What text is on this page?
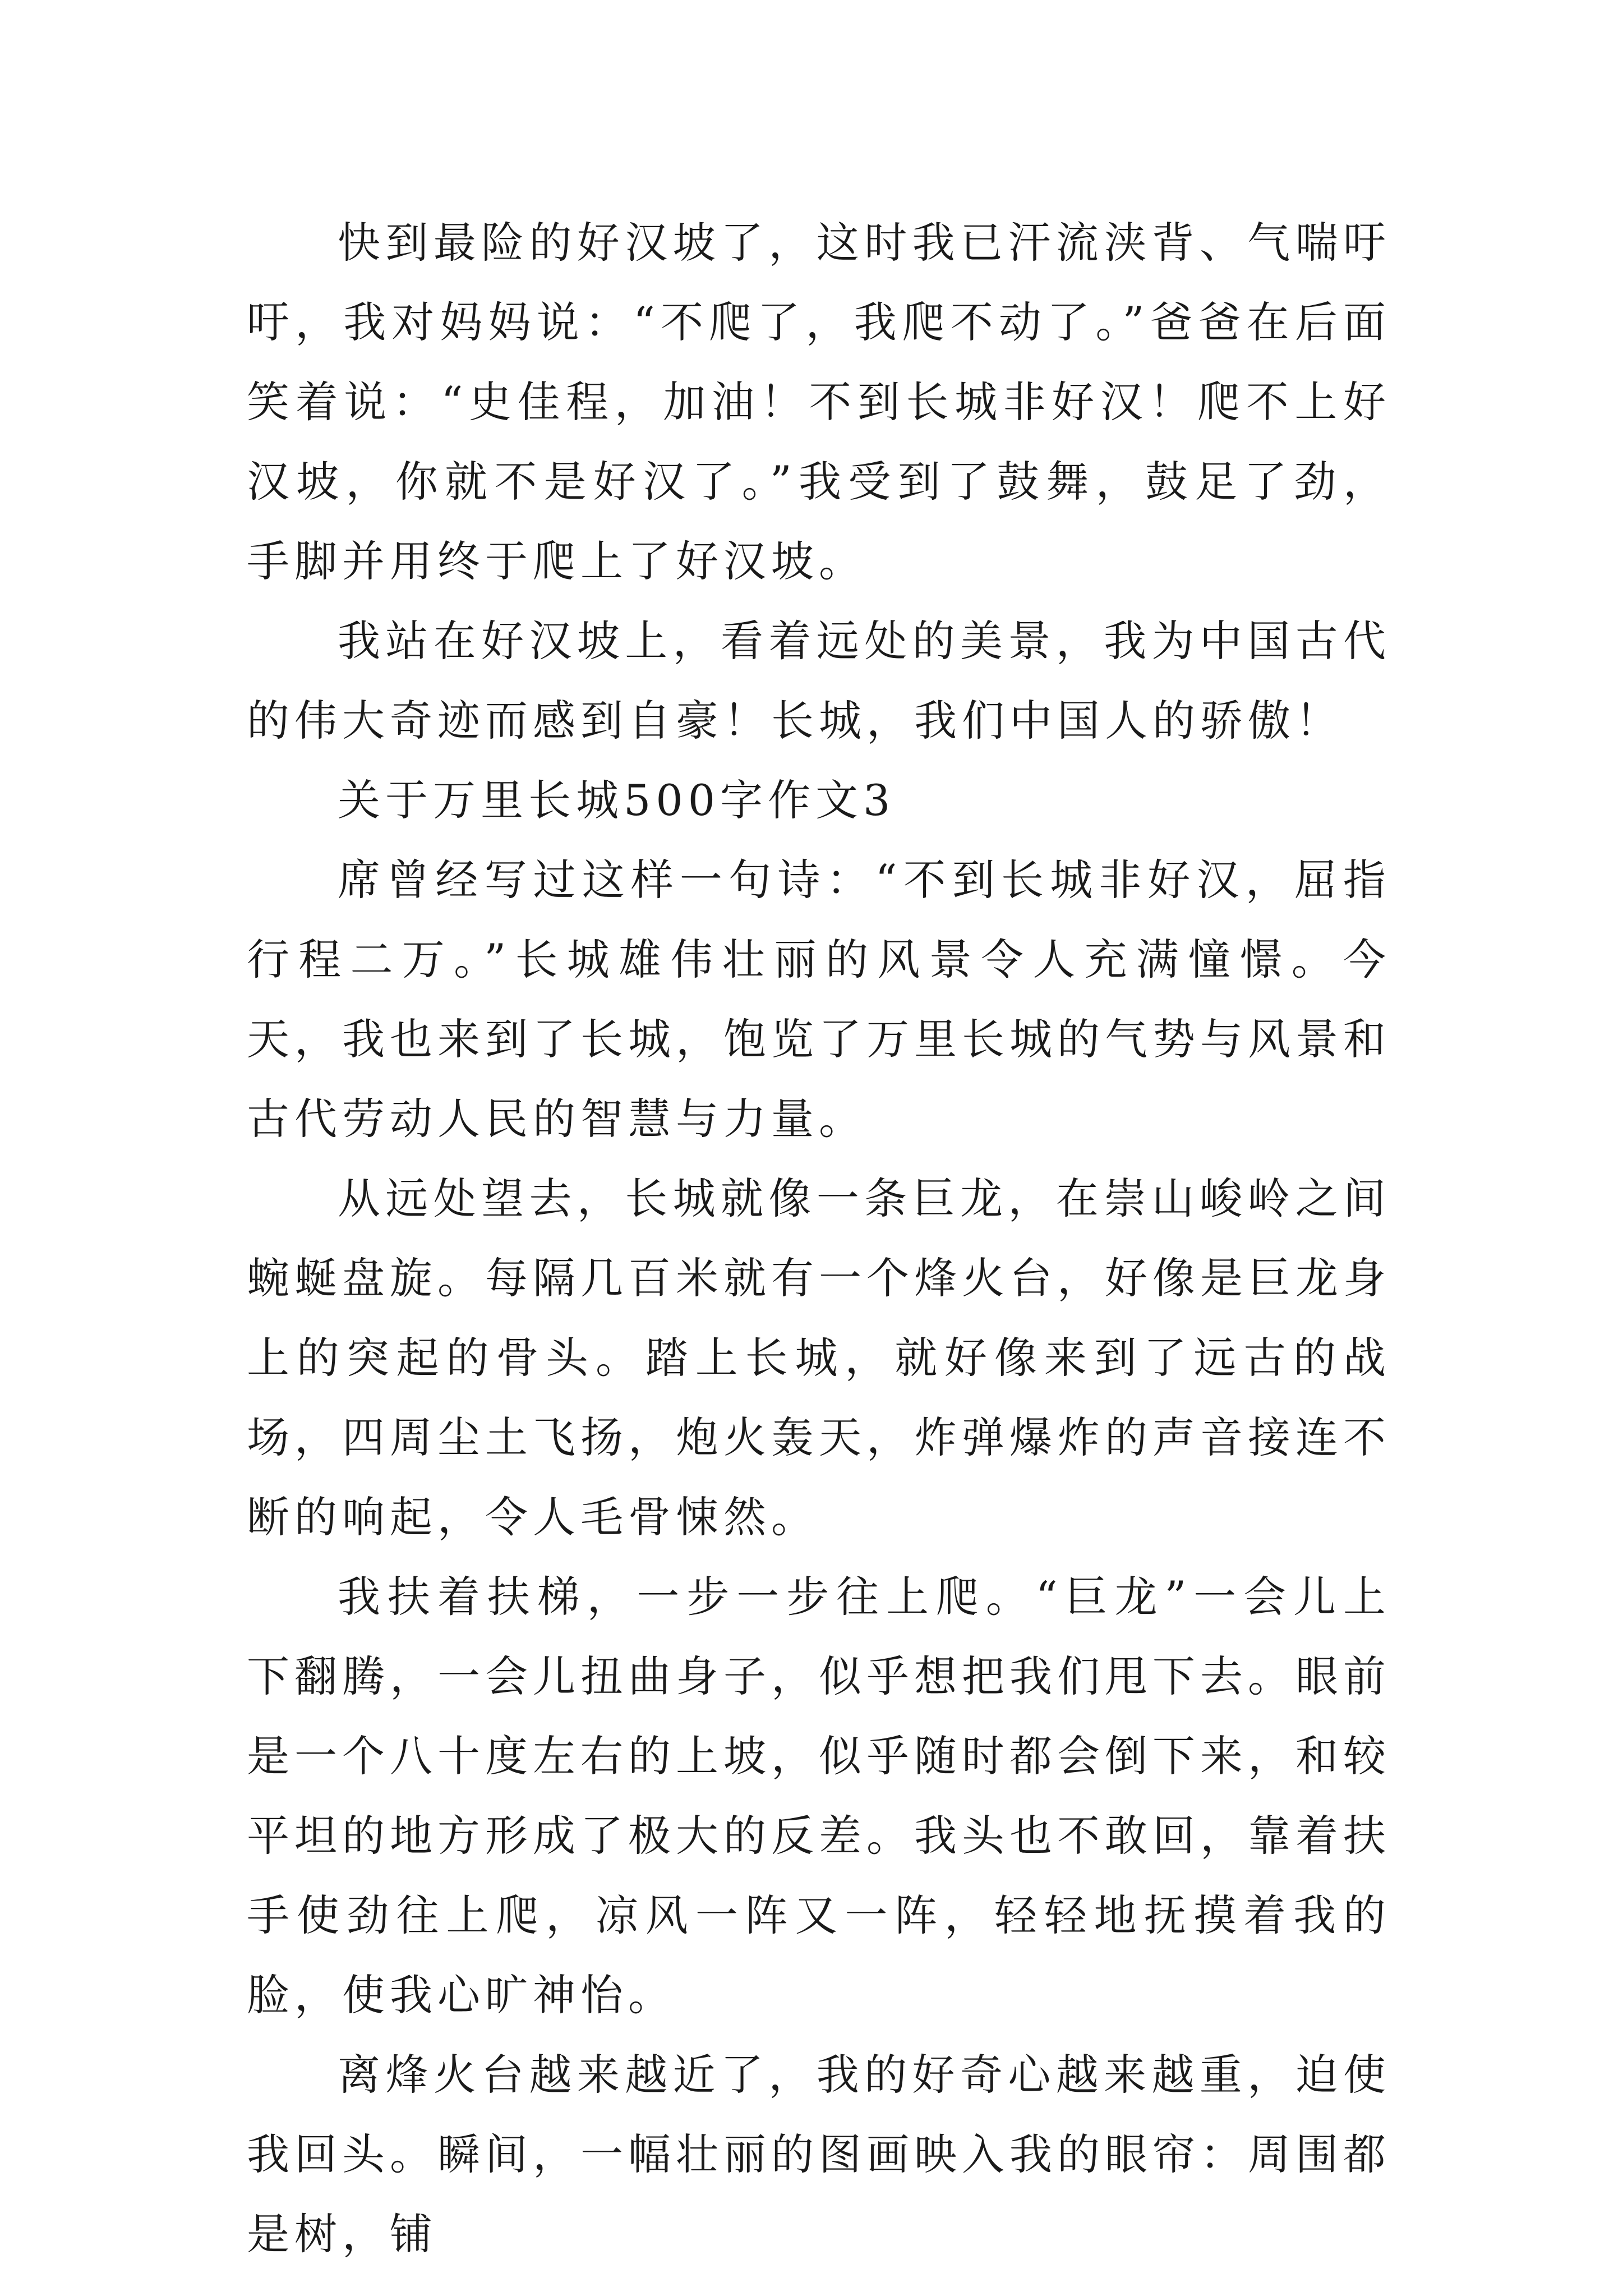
快到最险的好汉坡了，这时我已汗流浃背、气喘吁吁，我对妈妈说：“不爬了，我爬不动了。”爸爸在后面笑着说：“史佳程，加油！不到长城非好汉！爬不上好汉坡，你就不是好汉了。”我受到了鼓舞，鼓足了劲，手脚并用终于爬上了好汉坡。

我站在好汉坡上，看着远处的美景，我为中国古代的伟大奇迹而感到自豪！长城，我们中国人的骄傲！

关于万里长城500字作文3

席曾经写过这样一句诗：“不到长城非好汉，屈指行程二万。”长城雄伟壮丽的风景令人充满憧憬。今天，我也来到了长城，饱览了万里长城的气势与风景和古代劳动人民的智慧与力量。

从远处望去，长城就像一条巨龙，在崇山峻岭之间蜿蜒盘旋。每隔几百米就有一个烽火台，好像是巨龙身上的突起的骨头。踏上长城，就好像来到了远古的战场，四周尘土飞扬，炮火轰天，炸弹爆炸的声音接连不断的响起，令人毛骨悚然。

我扶着扶梯，一步一步往上爬。“巨龙”一会儿上下翻腾，一会儿扭曲身子，似乎想把我们甩下去。眼前是一个八十度左右的上坡，似乎随时都会倒下来，和较平坦的地方形成了极大的反差。我头也不敢回，靠着扶手使劲往上爬，凉风一阵又一阵，轻轻地抚摸着我的脸，使我心旷神怡。

离烽火台越来越近了，我的好奇心越来越重，迫使我回头。瞬间，一幅壮丽的图画映入我的眼帘：周围都是树，铺
